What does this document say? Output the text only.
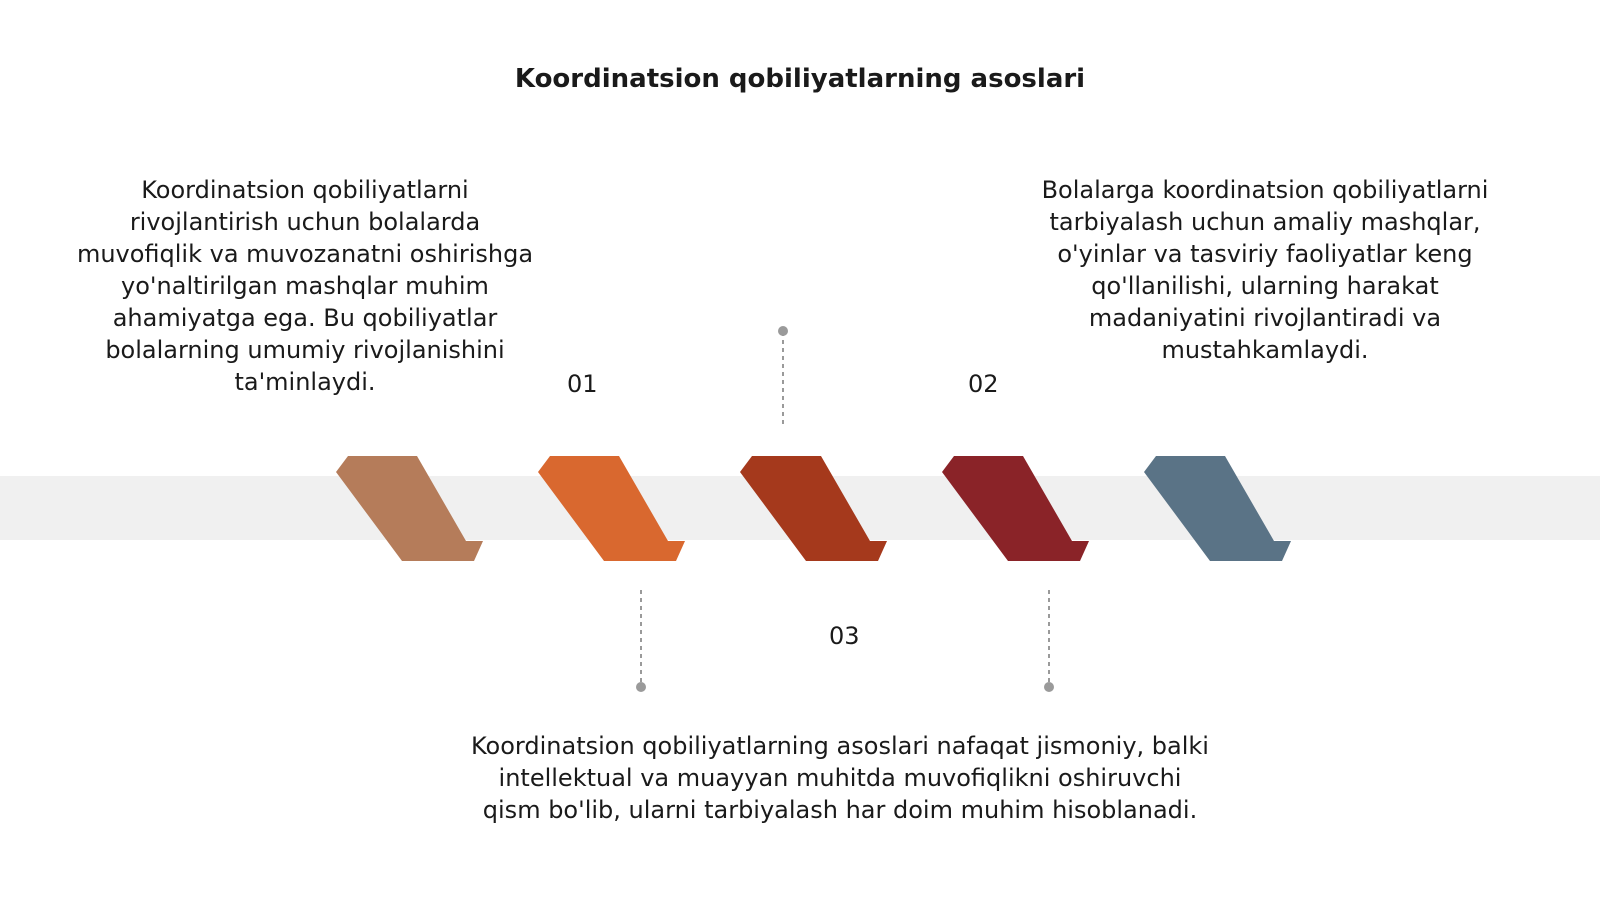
Koordinatsion qobiliyatlarning asoslari
Koordinatsion qobiliyatlarni rivojlantirish uchun bolalarda muvofiqlik va muvozanatni oshirishga yo'naltirilgan mashqlar muhim ahamiyatga ega. Bu qobiliyatlar bolalarning umumiy rivojlanishini ta'minlaydi.	01
Bolalarga koordinatsion qobiliyatlarni tarbiyalash uchun amaliy mashqlar, o'yinlar va tasviriy faoliyatlar keng qo'llanilishi, ularning harakat madaniyatini rivojlantiradi va mustahkamlaydi.
02
03
Koordinatsion qobiliyatlarning asoslari nafaqat jismoniy, balki intellektual va muayyan muhitda muvofiqlikni oshiruvchi qism bo'lib, ularni tarbiyalash har doim muhim hisoblanadi.
